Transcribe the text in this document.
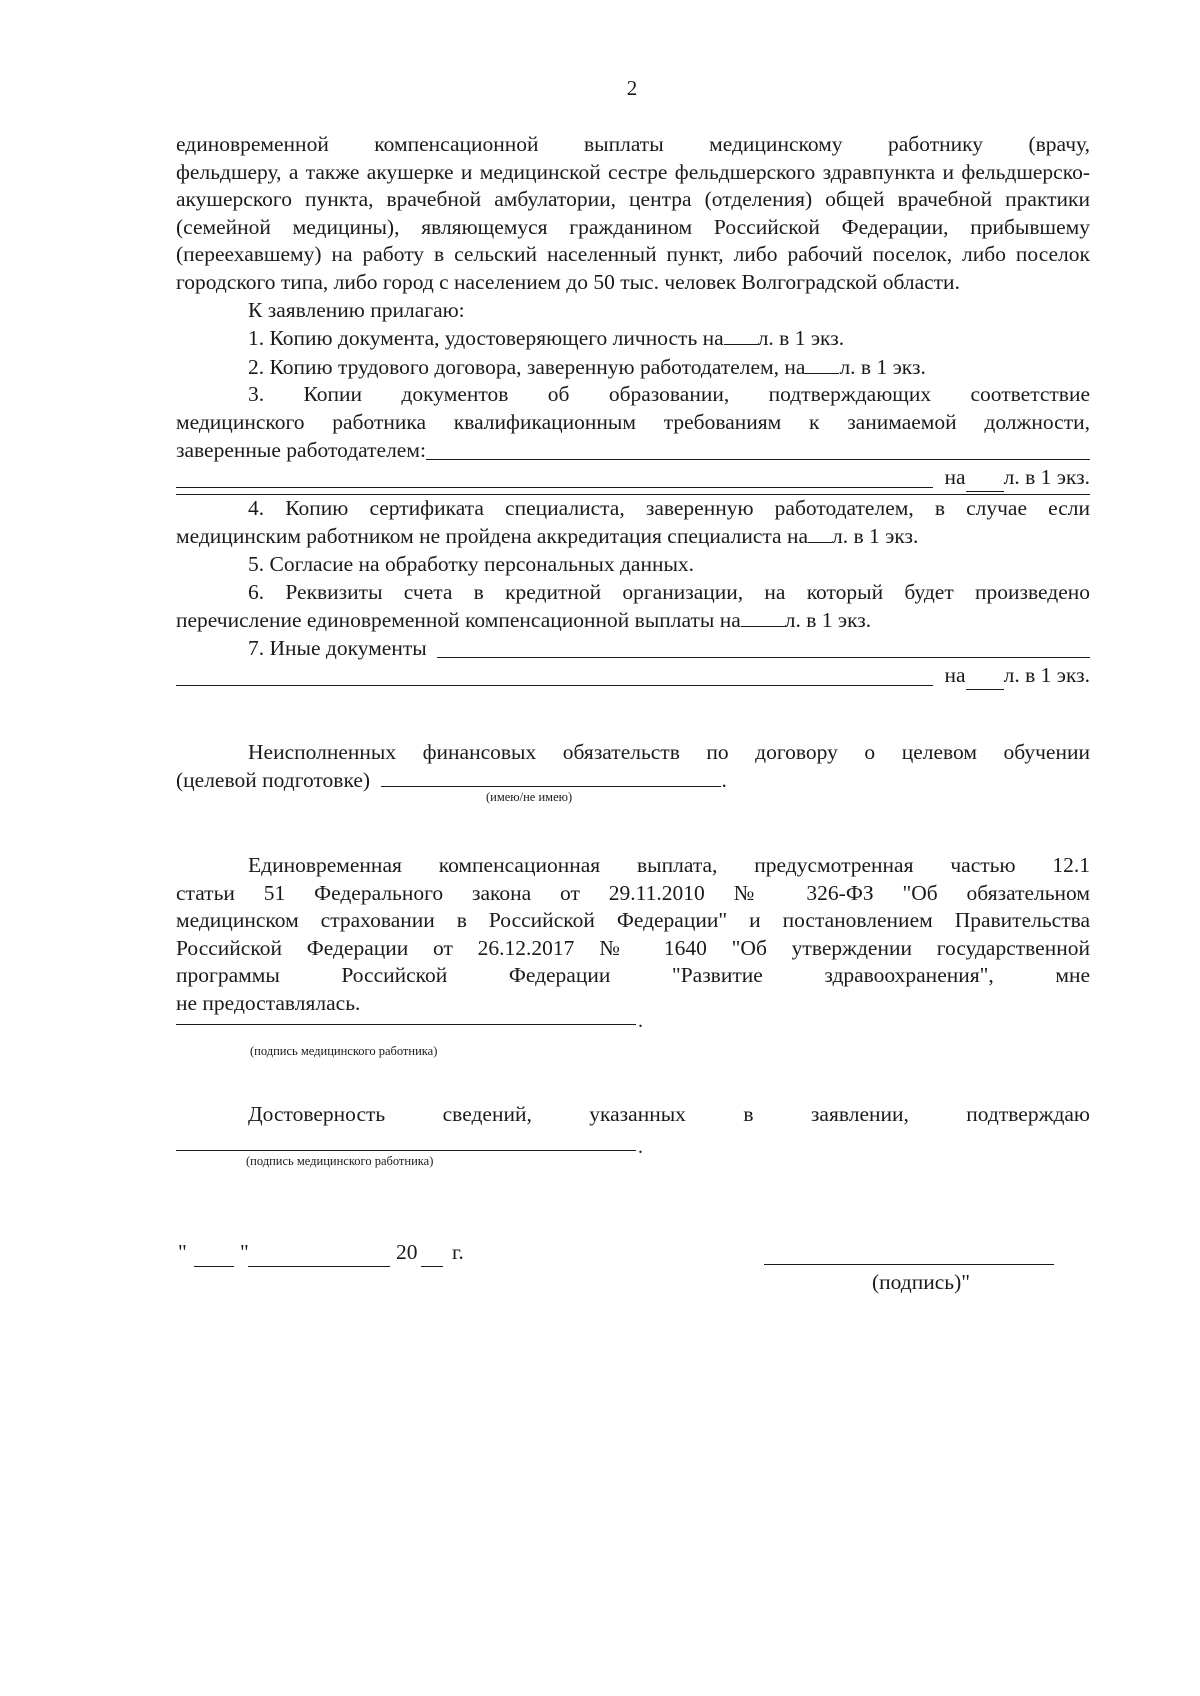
2
единовременной компенсационной выплаты медицинскому работнику (врачу,
фельдшеру, а также акушерке и медицинской сестре фельдшерского здравпункта и фельдшерско-акушерского пункта, врачебной амбулатории, центра (отделения) общей врачебной практики (семейной медицины), являющемуся гражданином Российской Федерации, прибывшему (переехавшему) на работу в сельский населенный пункт, либо рабочий поселок, либо поселок городского типа, либо город с населением до 50 тыс. человек Волгоградской области.
К заявлению прилагаю:
1. Копию документа, удостоверяющего личность на л. в 1 экз.
2. Копию трудового договора, заверенную работодателем, на л. в 1 экз.
3. Копии документов об образовании, подтверждающих соответствие
медицинского работника квалификационным требованиям к занимаемой должности,
заверенные работодателем:
на л. в 1 экз.
4. Копию сертификата специалиста, заверенную работодателем, в случае если
медицинским работником не пройдена аккредитация специалиста на л. в 1 экз.
5. Согласие на обработку персональных данных.
6. Реквизиты счета в кредитной организации, на который будет произведено
перечисление единовременной компенсационной выплаты на л. в 1 экз.
7. Иные документы
на л. в 1 экз.
Неисполненных финансовых обязательств по договору о целевом обучении
(целевой подготовке)	.
(имею/не имею)
Единовременная компенсационная выплата, предусмотренная частью 12.1
статьи 51 Федерального закона от 29.11.2010 № 326-ФЗ "Об обязательном
медицинском страховании в Российской Федерации" и постановлением Правительства
Российской Федерации от 26.12.2017 № 1640 "Об утверждении государственной
программы Российской Федерации "Развитие здравоохранения", мне
не предоставлялась.
.
(подпись медицинского работника)
Достоверность сведений, указанных в заявлении, подтверждаю
.
(подпись медицинского работника)
" "	20 г.
(подпись)"
